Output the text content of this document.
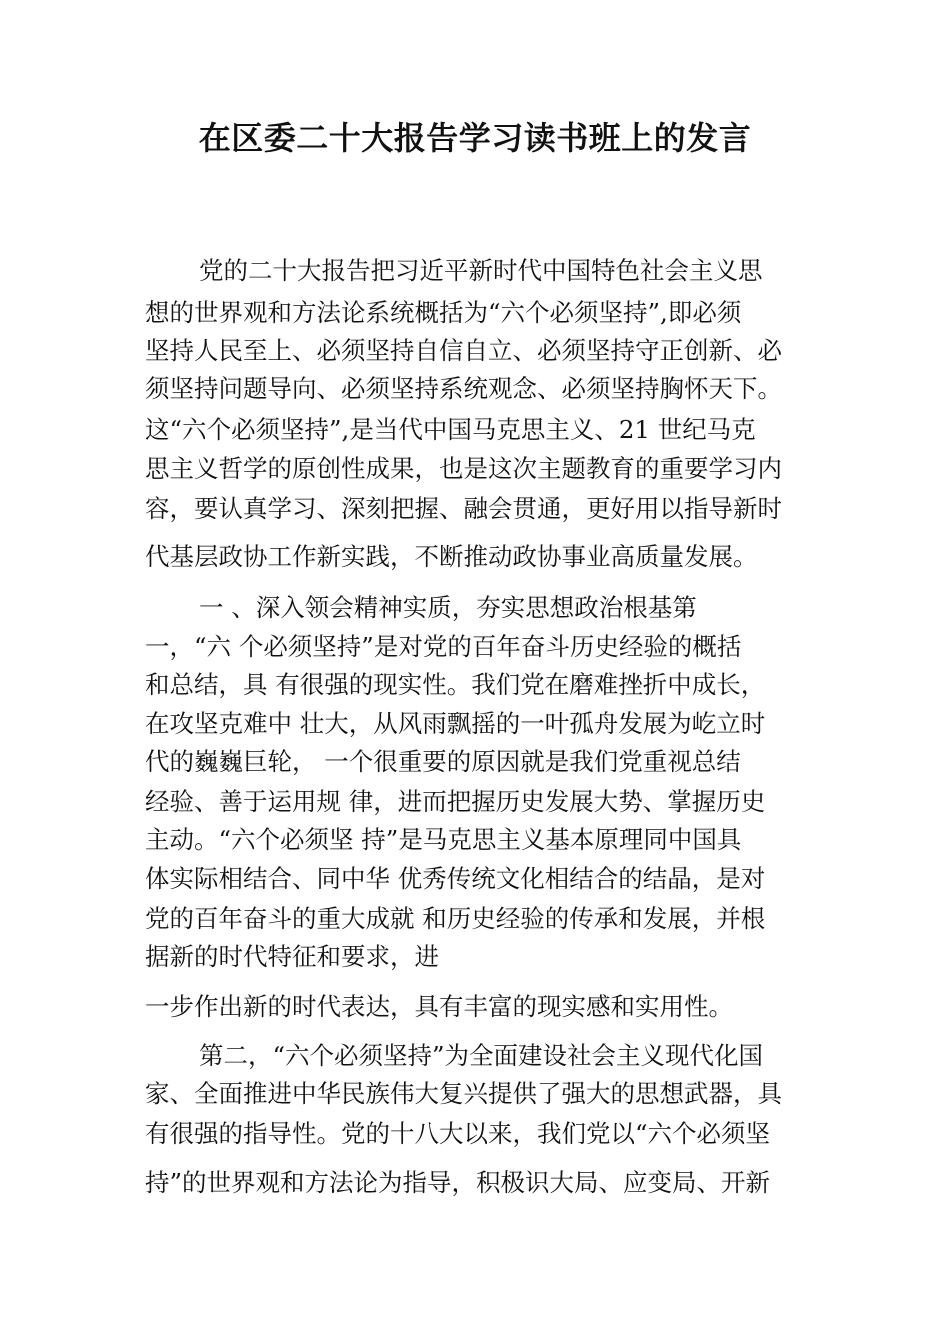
在区委二十大报告学习读书班上的发言
党的二十大报告把习近平新时代中国特色社会主义思
想的世界观和方法论系统概括为“六个必须坚持”,即必须
坚持人民至上、必须坚持自信自立、必须坚持守正创新、必
须坚持问题导向、必须坚持系统观念、必须坚持胸怀天下。
这“六个必须坚持”,是当代中国马克思主义、21 世纪马克
思主义哲学的原创性成果，也是这次主题教育的重要学习内
容，要认真学习、深刻把握、融会贯通，更好用以指导新时
代基层政协工作新实践，不断推动政协事业高质量发展。
一 、深入领会精神实质，夯实思想政治根基第
一，“六 个必须坚持”是对党的百年奋斗历史经验的概括
和总结，具 有很强的现实性。我们党在磨难挫折中成长，
在攻坚克难中 壮大，从风雨飘摇的一叶孤舟发展为屹立时
代的巍巍巨轮， 一个很重要的原因就是我们党重视总结
经验、善于运用规 律，进而把握历史发展大势、掌握历史
主动。“六个必须坚 持”是马克思主义基本原理同中国具
体实际相结合、同中华 优秀传统文化相结合的结晶，是对
党的百年奋斗的重大成就 和历史经验的传承和发展，并根
据新的时代特征和要求，进
一步作出新的时代表达，具有丰富的现实感和实用性。
第二，“六个必须坚持”为全面建设社会主义现代化国
家、全面推进中华民族伟大复兴提供了强大的思想武器，具
有很强的指导性。党的十八大以来，我们党以“六个必须坚
持”的世界观和方法论为指导，积极识大局、应变局、开新
